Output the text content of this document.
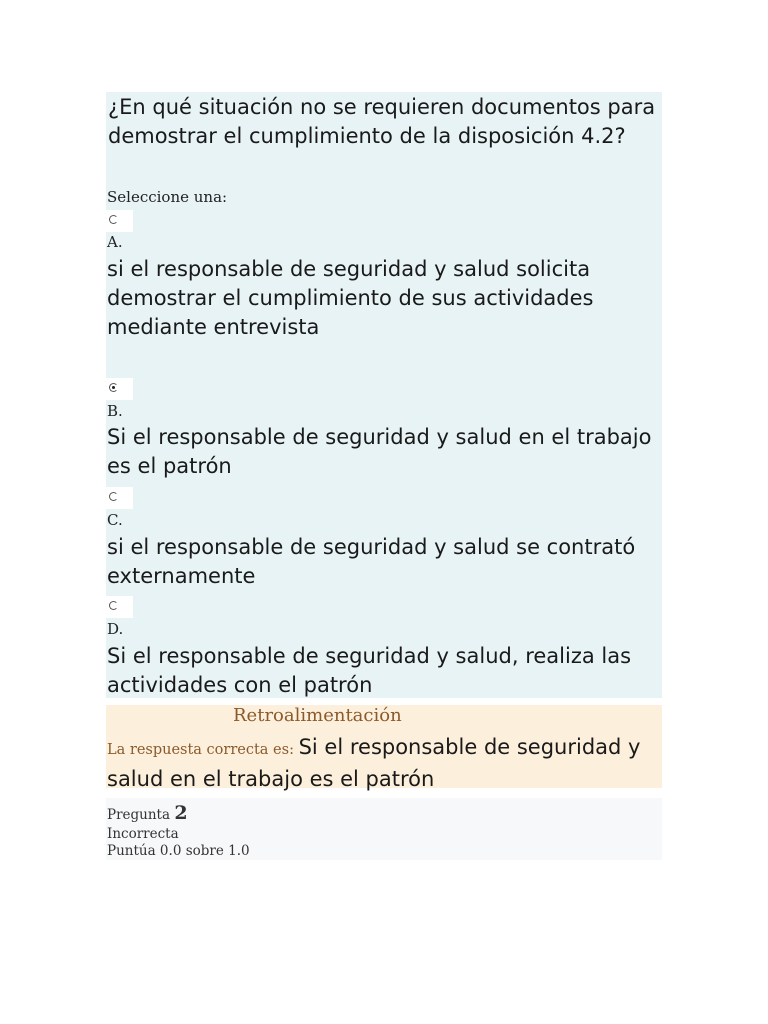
¿En qué situación no se requieren documentos para demostrar el cumplimiento de la disposición 4.2?

Seleccione una:
A.
si el responsable de seguridad y salud solicita demostrar el cumplimiento de sus actividades mediante entrevista
B.
Si el responsable de seguridad y salud en el trabajo es el patrón
C.
si el responsable de seguridad y salud se contrató externamente
D.
Si el responsable de seguridad y salud, realiza las actividades con el patrón
Retroalimentación
La respuesta correcta es: Si el responsable de seguridad y salud en el trabajo es el patrón
Pregunta 2
Incorrecta
Puntúa 0.0 sobre 1.0
